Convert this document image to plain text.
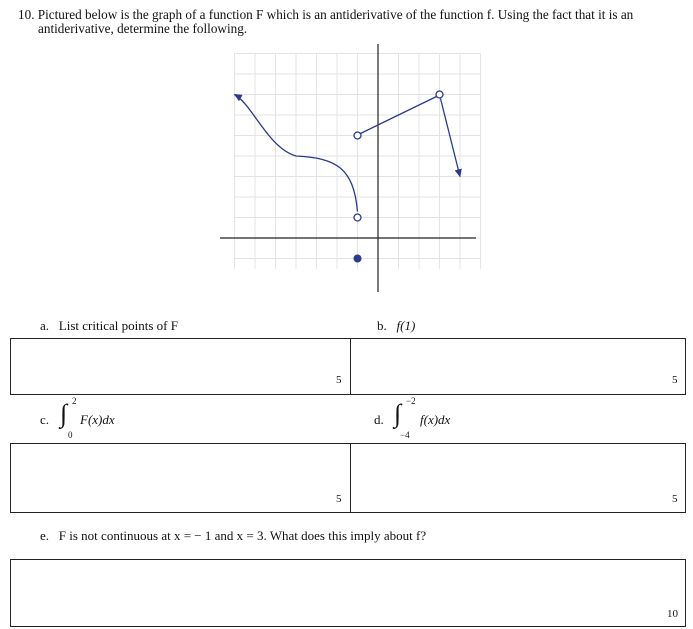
10. Pictured below is the graph of a function F which is an antiderivative of the function f. Using the fact that it is an
antiderivative, determine the following.
a. List critical points of F	b. f(1)
5	5
c. ∫ 2
0
F(x)dx	d. ∫ −2
−4
f(x)dx
5	5
e. F is not continuous at x = − 1 and x = 3. What does this imply about f?
10
